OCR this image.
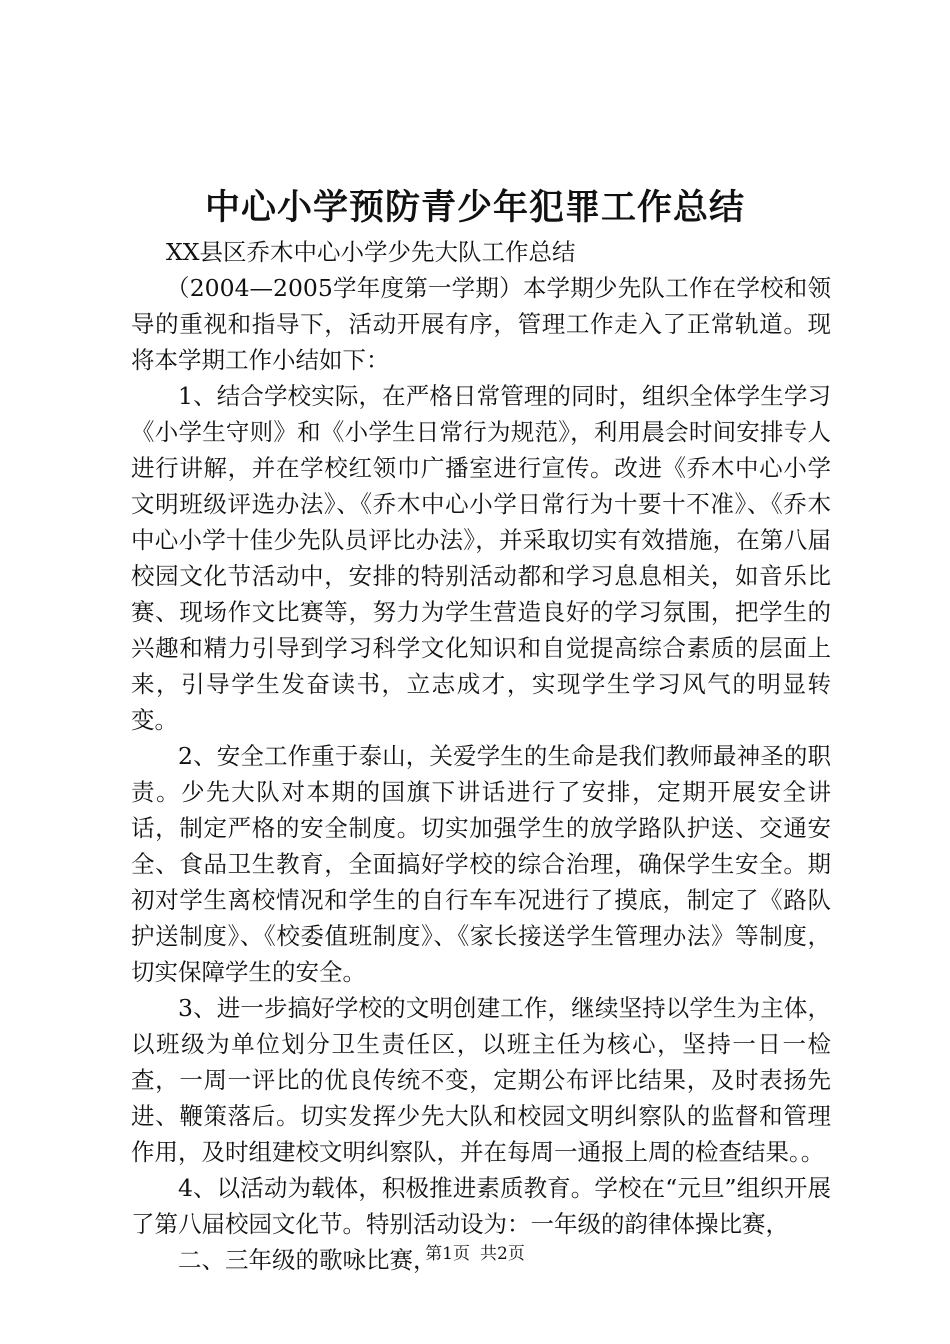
中心小学预防青少年犯罪工作总结

XX县区乔木中心小学少先大队工作总结

（2004—2005学年度第一学期）本学期少先队工作在学校和领导的重视和指导下，活动开展有序，管理工作走入了正常轨道。现将本学期工作小结如下：

1、结合学校实际，在严格日常管理的同时，组织全体学生学习《小学生守则》和《小学生日常行为规范》，利用晨会时间安排专人进行讲解，并在学校红领巾广播室进行宣传。改进《乔木中心小学文明班级评选办法》、《乔木中心小学日常行为十要十不准》、《乔木中心小学十佳少先队员评比办法》，并采取切实有效措施，在第八届校园文化节活动中，安排的特别活动都和学习息息相关，如音乐比赛、现场作文比赛等，努力为学生营造良好的学习氛围，把学生的兴趣和精力引导到学习科学文化知识和自觉提高综合素质的层面上来，引导学生发奋读书，立志成才，实现学生学习风气的明显转变。

2、安全工作重于泰山，关爱学生的生命是我们教师最神圣的职责。少先大队对本期的国旗下讲话进行了安排，定期开展安全讲话，制定严格的安全制度。切实加强学生的放学路队护送、交通安全、食品卫生教育，全面搞好学校的综合治理，确保学生安全。期初对学生离校情况和学生的自行车车况进行了摸底，制定了《路队护送制度》、《校委值班制度》、《家长接送学生管理办法》等制度，切实保障学生的安全。

3、进一步搞好学校的文明创建工作，继续坚持以学生为主体，以班级为单位划分卫生责任区，以班主任为核心，坚持一日一检查，一周一评比的优良传统不变，定期公布评比结果，及时表扬先进、鞭策落后。切实发挥少先大队和校园文明纠察队的监督和管理作用，及时组建校文明纠察队，并在每周一通报上周的检查结果。。

4、以活动为载体，积极推进素质教育。学校在“元旦”组织开展了第八届校园文化节。特别活动设为：一年级的韵律体操比赛，

二、三年级的歌咏比赛，

第1页 共2页
